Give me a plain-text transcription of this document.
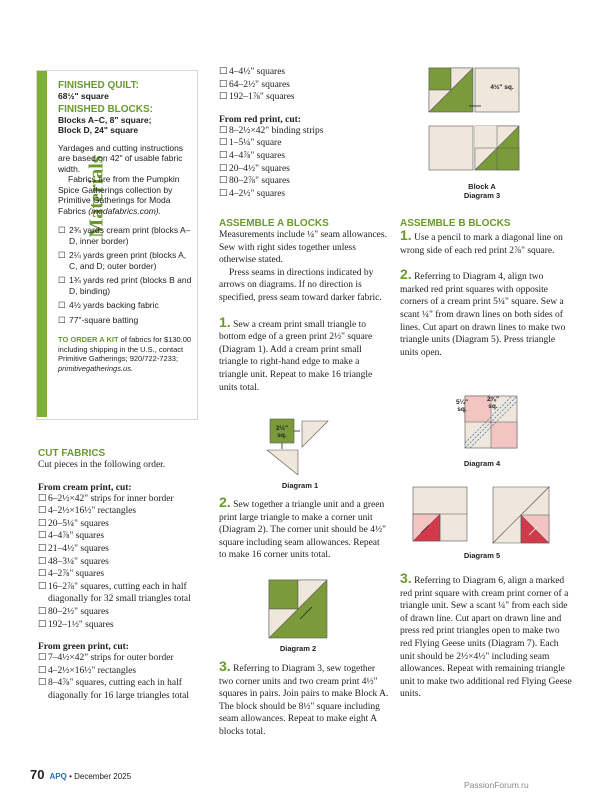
Materials
FINISHED QUILT:
68½" square
FINISHED BLOCKS:
Blocks A–C, 8" square;
Block D, 24" square
Yardages and cutting instructions are based on 42" of usable fabric width.
Fabrics are from the Pumpkin Spice Gatherings collection by Primitive Gatherings for Moda Fabrics (modafabrics.com).
☐ 2¾ yards cream print (blocks A–D, inner border)
☐ 2¼ yards green print (blocks A, C, and D; outer border)
☐ 1¾ yards red print (blocks B and D, binding)
☐ 4½ yards backing fabric
☐ 77"-square batting
TO ORDER A KIT of fabrics for $130.00 including shipping in the U.S., contact Primitive Gatherings; 920/722-7233; primitivegatherings.us.
CUT FABRICS
Cut pieces in the following order.
From cream print, cut:
☐ 6–2½×42" strips for inner border
☐ 4–2½×16½" rectangles
☐ 20–5¼" squares
☐ 4–4⅞" squares
☐ 21–4½" squares
☐ 48–3¼" squares
☐ 4–2⅞" squares
☐ 16–2⅞" squares, cutting each in half diagonally for 32 small triangles total
☐ 80–2½" squares
☐ 192–1½" squares
From green print, cut:
☐ 7–4½×42" strips for outer border
☐ 4–2½×16½" rectangles
☐ 8–4⅞" squares, cutting each in half diagonally for 16 large triangles total
☐ 4–4½" squares
☐ 64–2½" squares
☐ 192–1⅞" squares
From red print, cut:
☐ 8–2½×42" binding strips
☐ 1–5¼" square
☐ 4–4⅞" squares
☐ 20–4½" squares
☐ 80–2⅞" squares
☐ 4–2½" squares
ASSEMBLE A BLOCKS
Measurements include ¼" seam allowances. Sew with right sides together unless otherwise stated.
Press seams in directions indicated by arrows on diagrams. If no direction is specified, press seam toward darker fabric.
1. Sew a cream print small triangle to bottom edge of a green print 2½" square (Diagram 1). Add a cream print small triangle to right-hand edge to make a triangle unit. Repeat to make 16 triangle units total.
2½" sq.
Diagram 1
2. Sew together a triangle unit and a green print large triangle to make a corner unit (Diagram 2). The corner unit should be 4½" square including seam allowances. Repeat to make 16 corner units total.
Diagram 2
3. Referring to Diagram 3, sew together two corner units and two cream print 4½" squares in pairs. Join pairs to make Block A. The block should be 8½" square including seam allowances. Repeat to make eight A blocks total.
4½" sq.
Block A
Diagram 3
ASSEMBLE B BLOCKS
1. Use a pencil to mark a diagonal line on wrong side of each red print 2⅞" square.
2. Referring to Diagram 4, align two marked red print squares with opposite corners of a cream print 5¼" square. Sew a scant ¼" from drawn lines on both sides of lines. Cut apart on drawn lines to make two triangle units (Diagram 5). Press triangle units open.
5¼" sq.
2⅞" sq.
Diagram 4
Diagram 5
3. Referring to Diagram 6, align a marked red print square with cream print corner of a triangle unit. Sew a scant ¼" from each side of drawn line. Cut apart on drawn line and press red print triangles open to make two red Flying Geese units (Diagram 7). Each unit should be 2½×4½" including seam allowances. Repeat with remaining triangle unit to make two additional red Flying Geese units.
70 APQ • December 2025
PassionForum.ru
